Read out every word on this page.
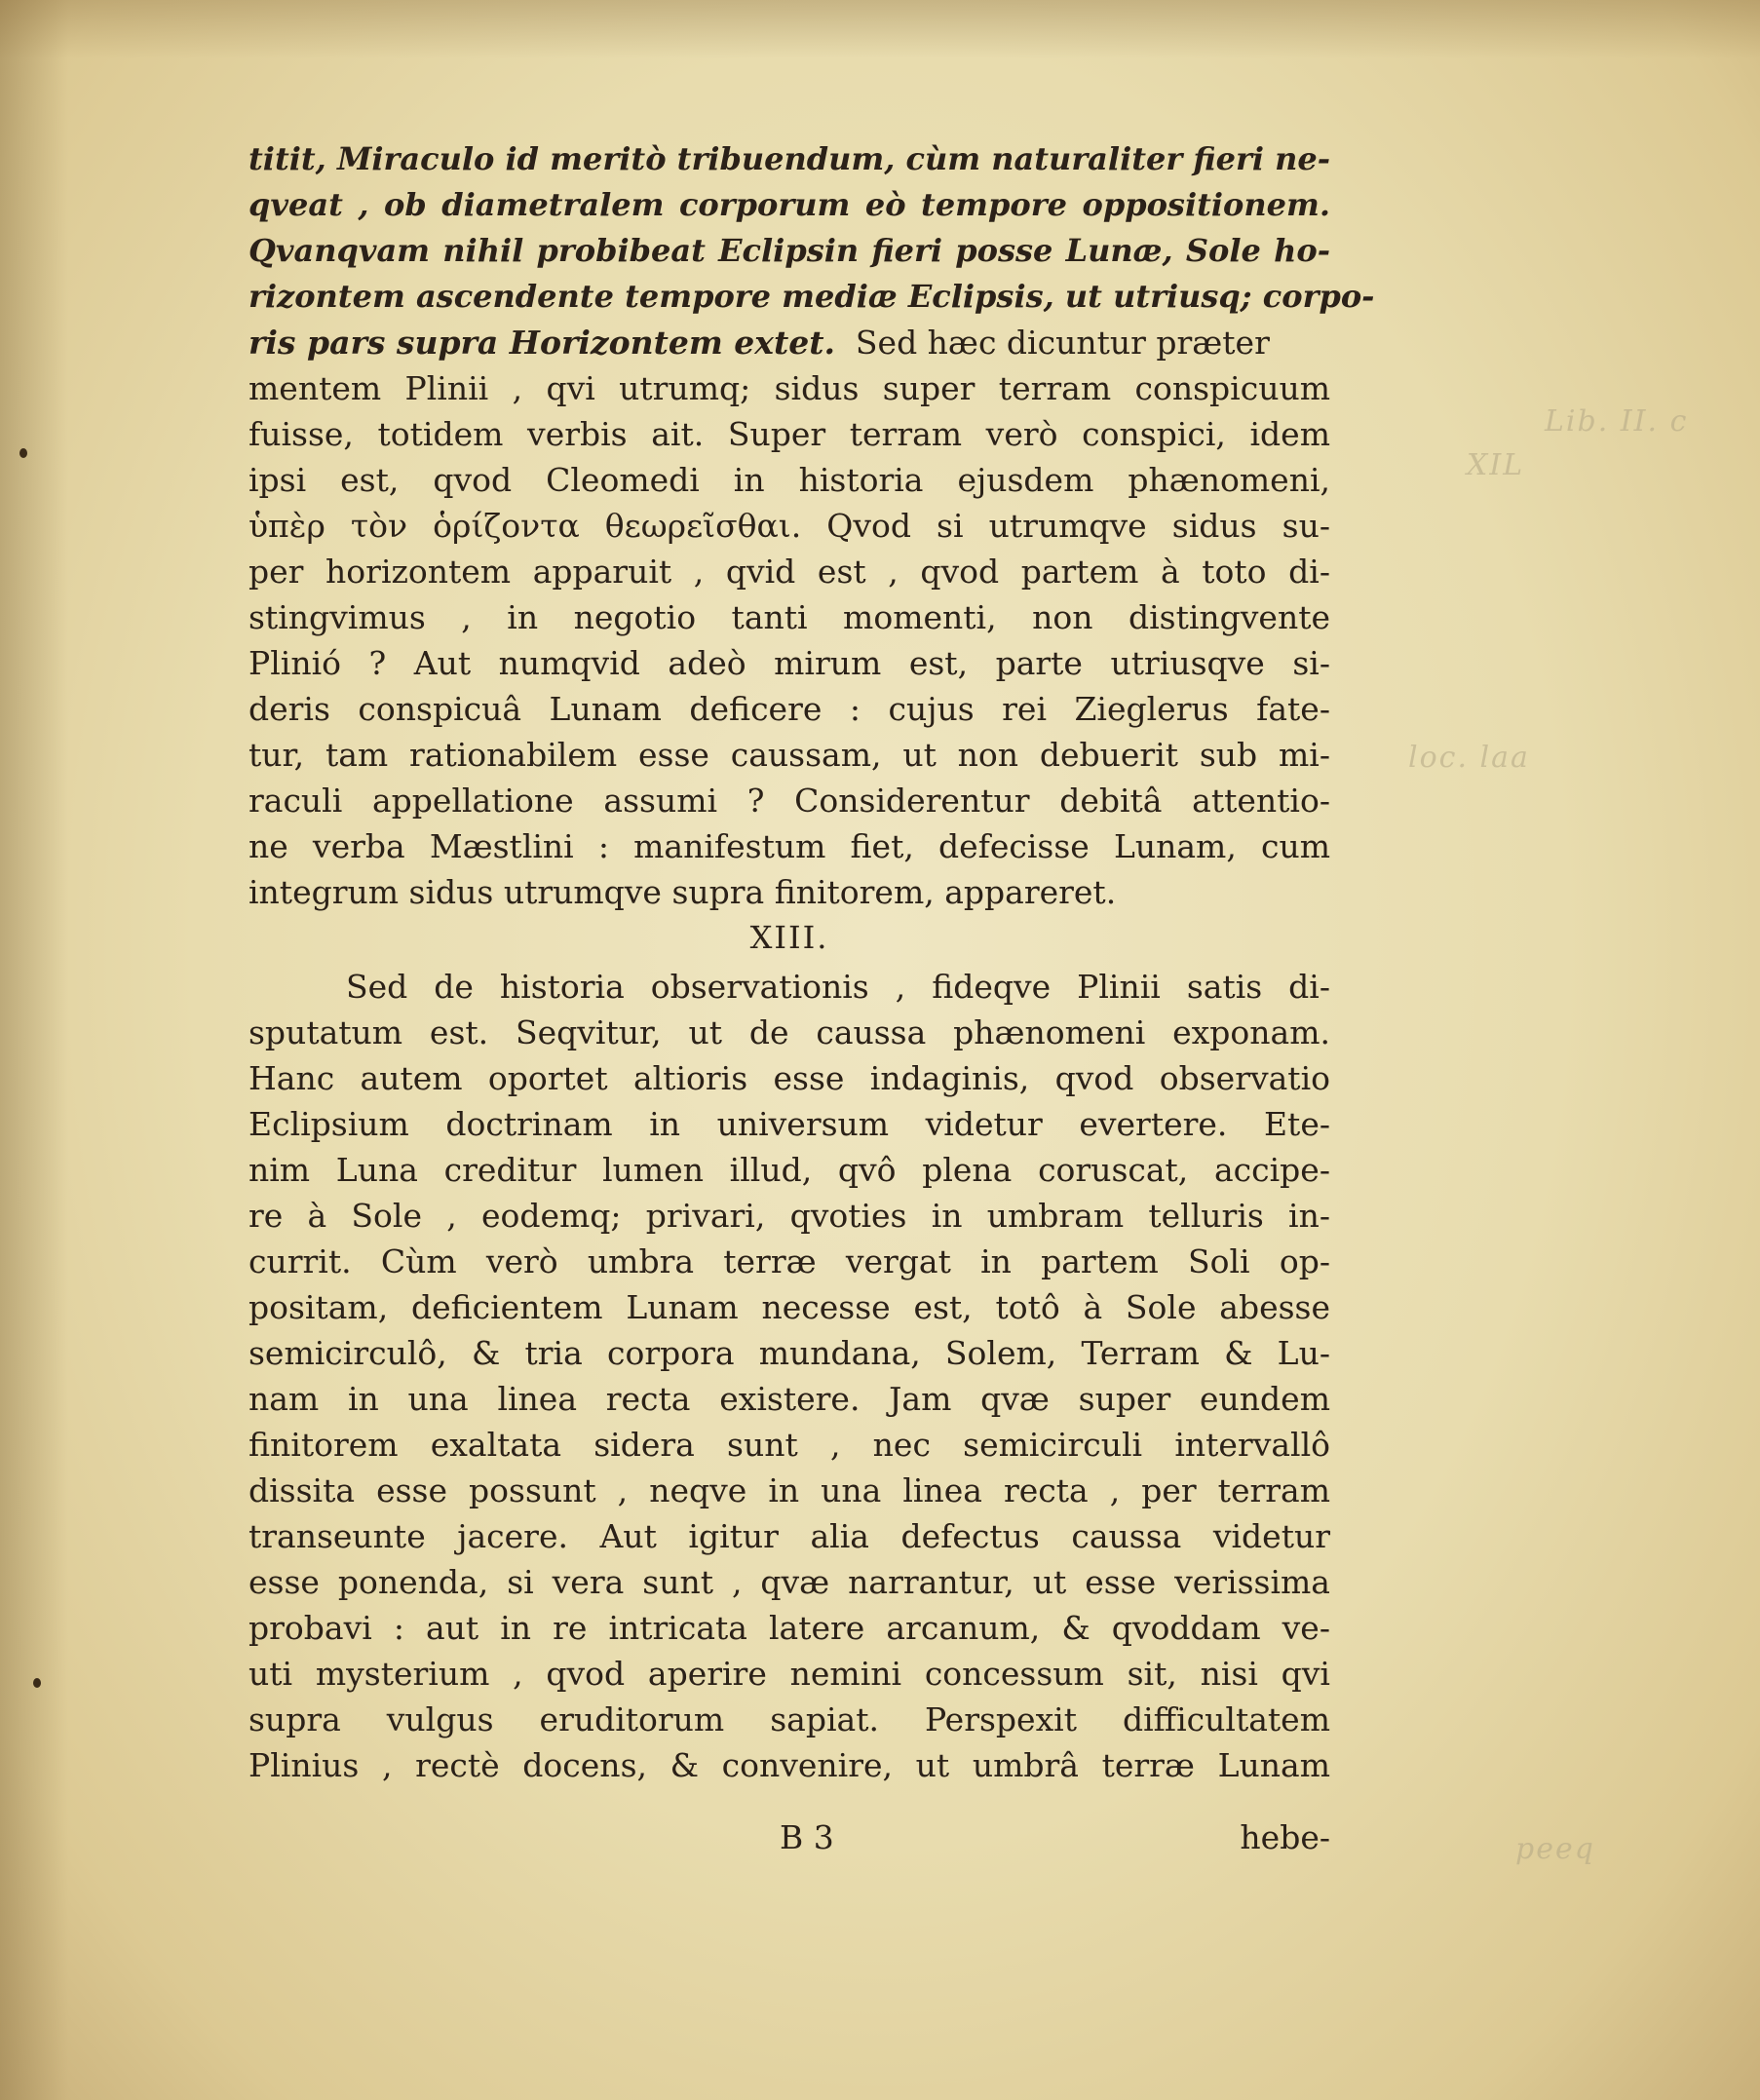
Lib. II. c
XIL
loc. laa
peeq
titit, Miraculo id meritò tribuendum, cùm naturaliter fieri ne-
qveat , ob diametralem corporum eò tempore oppositionem.
Qvanqvam nihil probibeat Eclipsin fieri posse Lunæ, Sole ho-
rizontem ascendente tempore mediæ Eclipsis, ut utriusq; corpo-
ris pars supra Horizontem extet.  Sed hæc dicuntur præter
mentem Plinii , qvi utrumq; sidus super terram conspicuum
fuisse, totidem verbis ait. Super terram verò conspici, idem
ipsi est, qvod Cleomedi in historia ejusdem phænomeni,
ὑπὲρ τὸν ὁρίζοντα θεωρεῖσθαι. Qvod si utrumqve sidus su-
per horizontem apparuit , qvid est , qvod partem à toto di-
stingvimus , in negotio tanti momenti, non distingvente
Plinió ? Aut numqvid adeò mirum est, parte utriusqve si-
deris conspicuâ Lunam deficere : cujus rei Zieglerus fate-
tur, tam rationabilem esse caussam, ut non debuerit sub mi-
raculi appellatione assumi ? Considerentur debitâ attentio-
ne verba Mæstlini : manifestum fiet, defecisse Lunam, cum
integrum sidus utrumqve supra finitorem, appareret.
XIII.
Sed de historia observationis , fideqve Plinii satis di-
sputatum est. Seqvitur, ut de caussa phænomeni exponam.
Hanc autem oportet altioris esse indaginis, qvod observatio
Eclipsium doctrinam in universum videtur evertere. Ete-
nim Luna creditur lumen illud, qvô plena coruscat, accipe-
re à Sole , eodemq; privari, qvoties in umbram telluris in-
currit. Cùm verò umbra terræ vergat in partem Soli op-
positam, deficientem Lunam necesse est, totô à Sole abesse
semicirculô, & tria corpora mundana, Solem, Terram & Lu-
nam in una linea recta existere. Jam qvæ super eundem
finitorem exaltata sidera sunt , nec semicirculi intervallô
dissita esse possunt , neqve in una linea recta , per terram
transeunte jacere. Aut igitur alia defectus caussa videtur
esse ponenda, si vera sunt , qvæ narrantur, ut esse verissima
probavi : aut in re intricata latere arcanum, & qvoddam ve-
uti mysterium , qvod aperire nemini concessum sit, nisi qvi
supra vulgus eruditorum sapiat. Perspexit difficultatem
Plinius , rectè docens, & convenire, ut umbrâ terræ Lunam
B 3	hebe-
